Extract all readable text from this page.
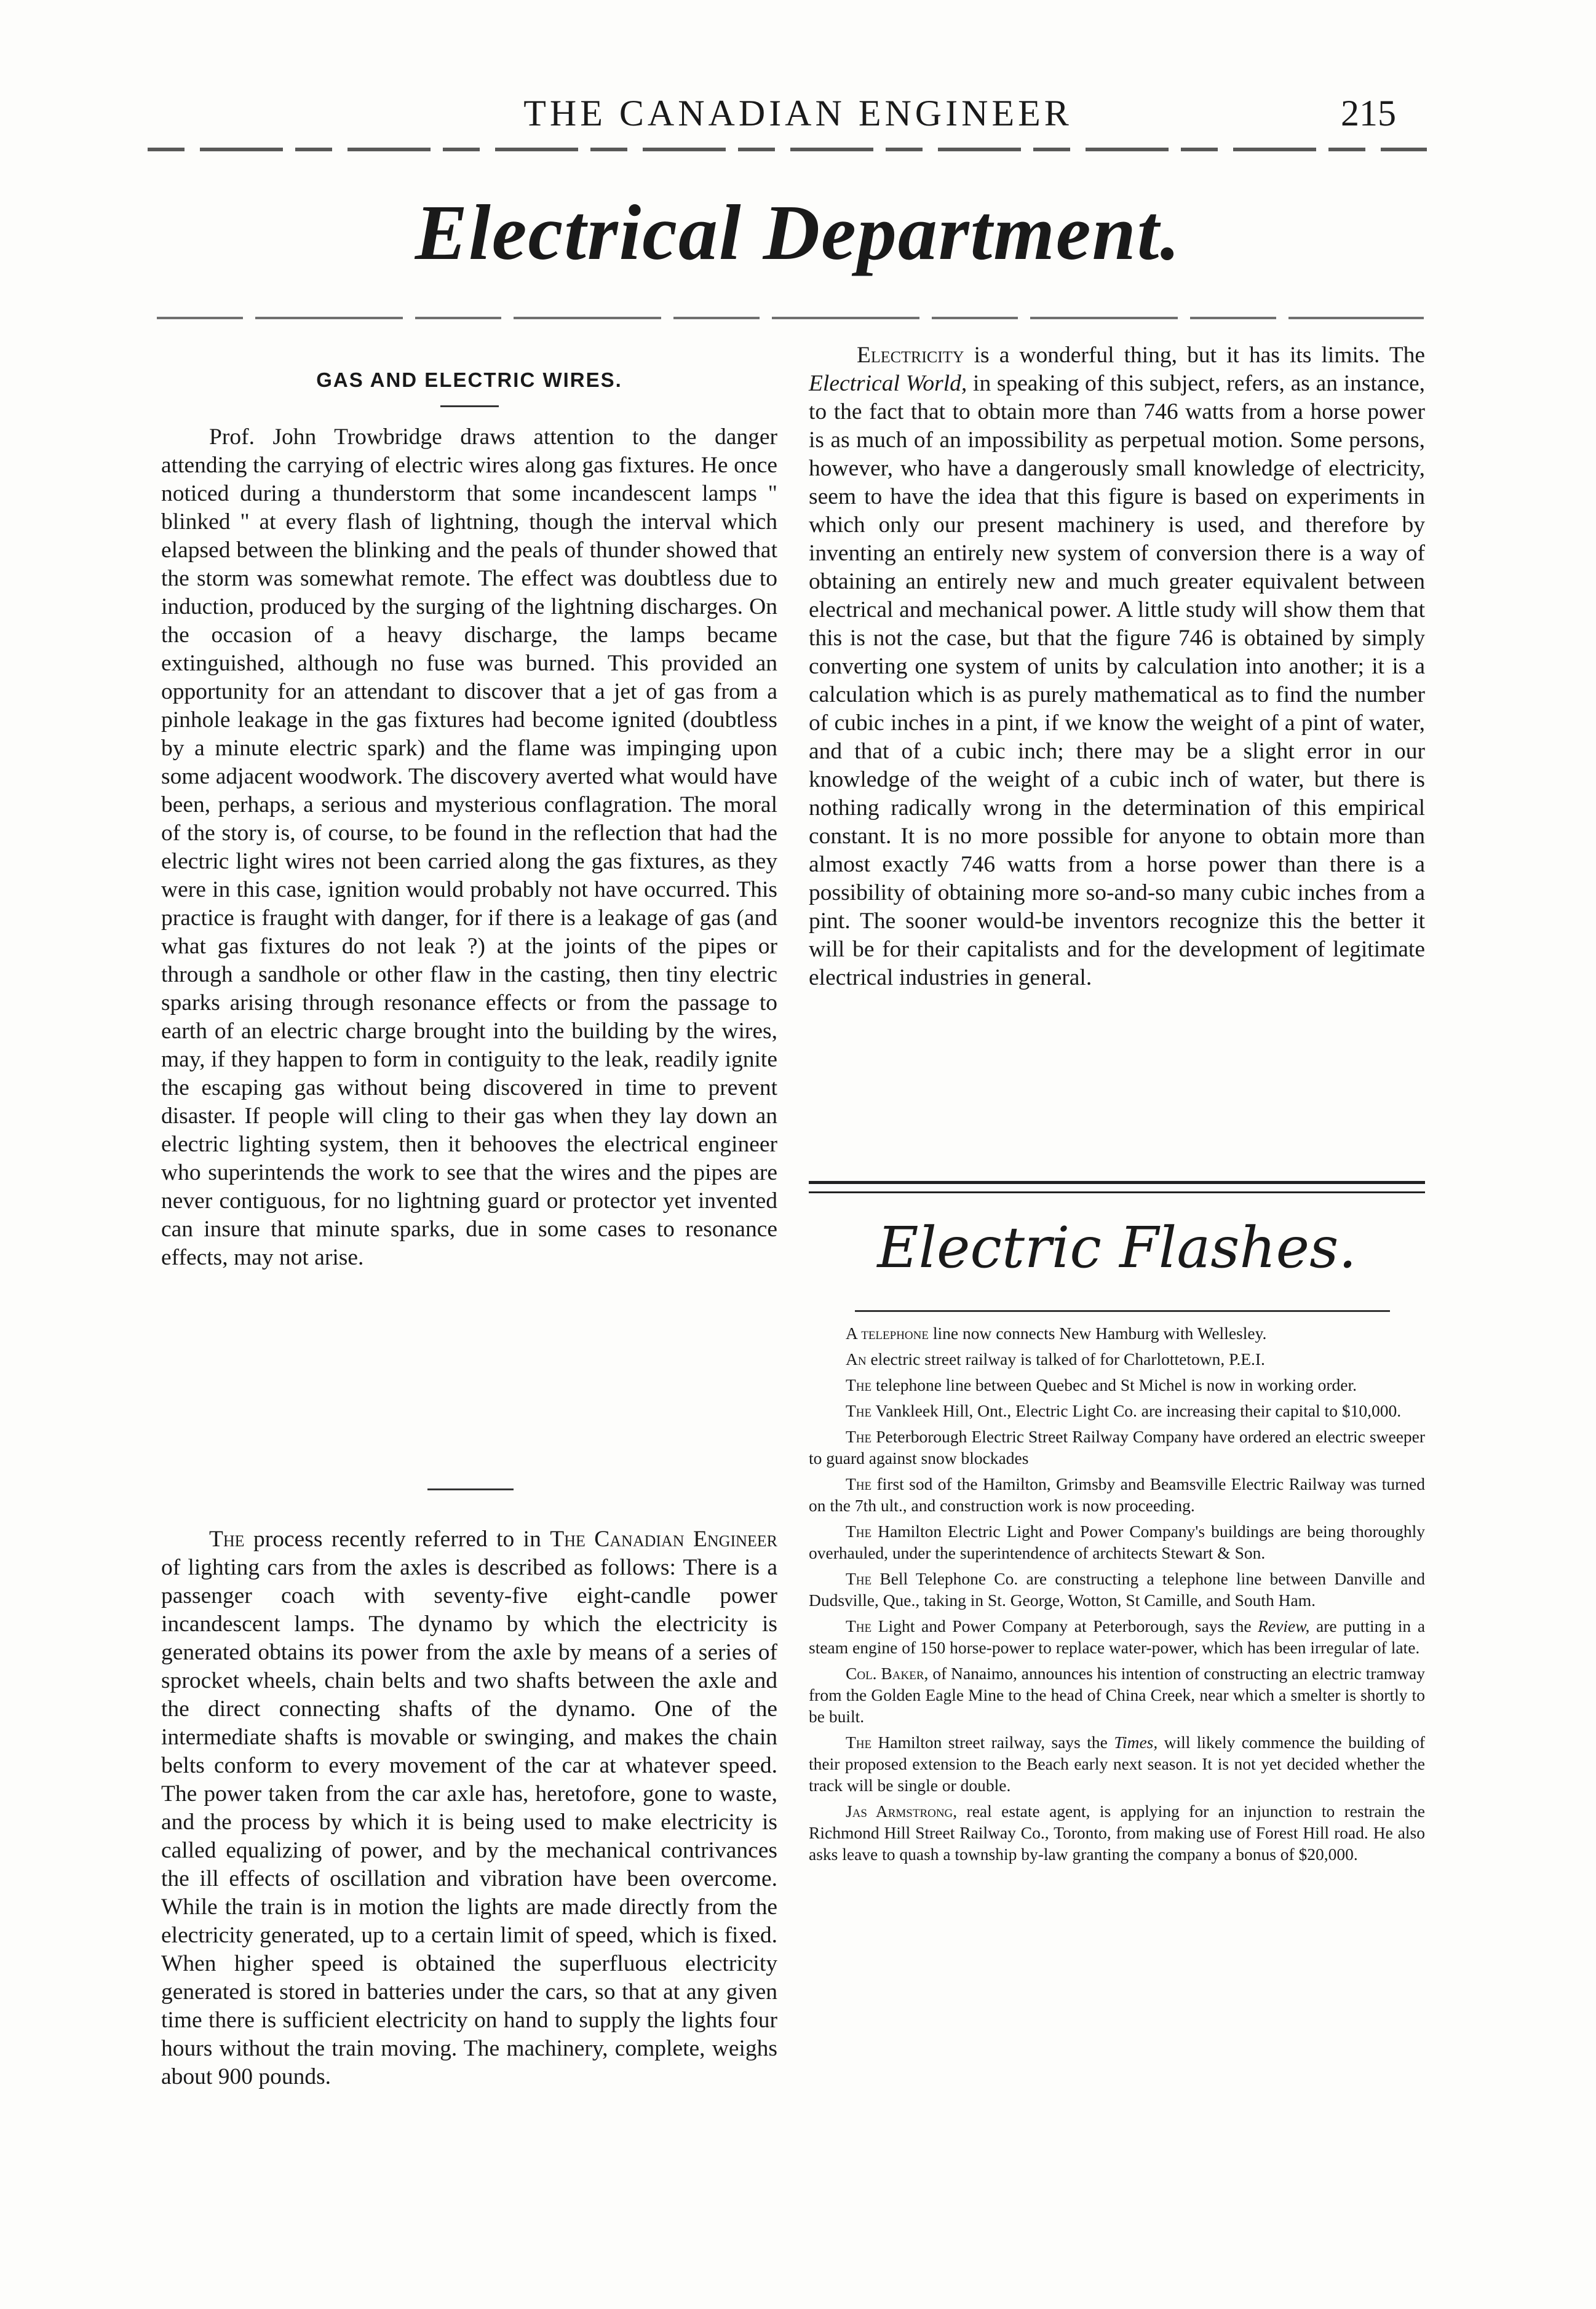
THE CANADIAN ENGINEER	215
Electrical Department.
GAS AND ELECTRIC WIRES.

Prof. John Trowbridge draws attention to the danger attending the carrying of electric wires along gas fixtures. He once noticed during a thunderstorm that some incandescent lamps " blinked " at every flash of lightning, though the interval which elapsed between the blinking and the peals of thunder showed that the storm was somewhat remote. The effect was doubtless due to induction, produced by the surging of the lightning discharges. On the occasion of a heavy discharge, the lamps became extinguished, although no fuse was burned. This provided an opportunity for an attendant to discover that a jet of gas from a pinhole leakage in the gas fixtures had become ignited (doubtless by a minute electric spark) and the flame was impinging upon some adjacent woodwork. The discovery averted what would have been, perhaps, a serious and mysterious conflagration. The moral of the story is, of course, to be found in the reflection that had the electric light wires not been carried along the gas fixtures, as they were in this case, ignition would probably not have occurred. This practice is fraught with danger, for if there is a leakage of gas (and what gas fixtures do not leak ?) at the joints of the pipes or through a sandhole or other flaw in the casting, then tiny electric sparks arising through resonance effects or from the passage to earth of an electric charge brought into the building by the wires, may, if they happen to form in contiguity to the leak, readily ignite the escaping gas without being discovered in time to prevent disaster. If people will cling to their gas when they lay down an electric lighting system, then it behooves the electrical engineer who superintends the work to see that the wires and the pipes are never contiguous, for no lightning guard or protector yet invented can insure that minute sparks, due in some cases to resonance effects, may not arise.

The process recently referred to in The Canadian Engineer of lighting cars from the axles is described as follows: There is a passenger coach with seventy-five eight-candle power incandescent lamps. The dynamo by which the electricity is generated obtains its power from the axle by means of a series of sprocket wheels, chain belts and two shafts between the axle and the direct connecting shafts of the dynamo. One of the intermediate shafts is movable or swinging, and makes the chain belts conform to every movement of the car at whatever speed. The power taken from the car axle has, heretofore, gone to waste, and the process by which it is being used to make electricity is called equalizing of power, and by the mechanical contrivances the ill effects of oscillation and vibration have been overcome. While the train is in motion the lights are made directly from the electricity generated, up to a certain limit of speed, which is fixed. When higher speed is obtained the superfluous electricity generated is stored in batteries under the cars, so that at any given time there is sufficient electricity on hand to supply the lights four hours without the train moving. The machinery, complete, weighs about 900 pounds.

Electricity is a wonderful thing, but it has its limits. The Electrical World, in speaking of this subject, refers, as an instance, to the fact that to obtain more than 746 watts from a horse power is as much of an impossibility as perpetual motion. Some persons, however, who have a dangerously small knowledge of electricity, seem to have the idea that this figure is based on experiments in which only our present machinery is used, and therefore by inventing an entirely new system of conversion there is a way of obtaining an entirely new and much greater equivalent between electrical and mechanical power. A little study will show them that this is not the case, but that the figure 746 is obtained by simply converting one system of units by calculation into another; it is a calculation which is as purely mathematical as to find the number of cubic inches in a pint, if we know the weight of a pint of water, and that of a cubic inch; there may be a slight error in our knowledge of the weight of a cubic inch of water, but there is nothing radically wrong in the determination of this empirical constant. It is no more possible for anyone to obtain more than almost exactly 746 watts from a horse power than there is a possibility of obtaining more so-and-so many cubic inches from a pint. The sooner would-be inventors recognize this the better it will be for their capitalists and for the development of legitimate electrical industries in general.

Electric Flashes.

A telephone line now connects New Hamburg with Wellesley.

An electric street railway is talked of for Charlottetown, P.E.I.

The telephone line between Quebec and St Michel is now in working order.

The Vankleek Hill, Ont., Electric Light Co. are increasing their capital to $10,000.

The Peterborough Electric Street Railway Company have ordered an electric sweeper to guard against snow blockades

The first sod of the Hamilton, Grimsby and Beamsville Electric Railway was turned on the 7th ult., and construction work is now proceeding.

The Hamilton Electric Light and Power Company's buildings are being thoroughly overhauled, under the superintendence of architects Stewart & Son.

The Bell Telephone Co. are constructing a telephone line between Danville and Dudsville, Que., taking in St. George, Wotton, St Camille, and South Ham.

The Light and Power Company at Peterborough, says the Review, are putting in a steam engine of 150 horse-power to replace water-power, which has been irregular of late.

Col. Baker, of Nanaimo, announces his intention of constructing an electric tramway from the Golden Eagle Mine to the head of China Creek, near which a smelter is shortly to be built.

The Hamilton street railway, says the Times, will likely commence the building of their proposed extension to the Beach early next season. It is not yet decided whether the track will be single or double.

Jas Armstrong, real estate agent, is applying for an injunction to restrain the Richmond Hill Street Railway Co., Toronto, from making use of Forest Hill road. He also asks leave to quash a township by-law granting the company a bonus of $20,000.
